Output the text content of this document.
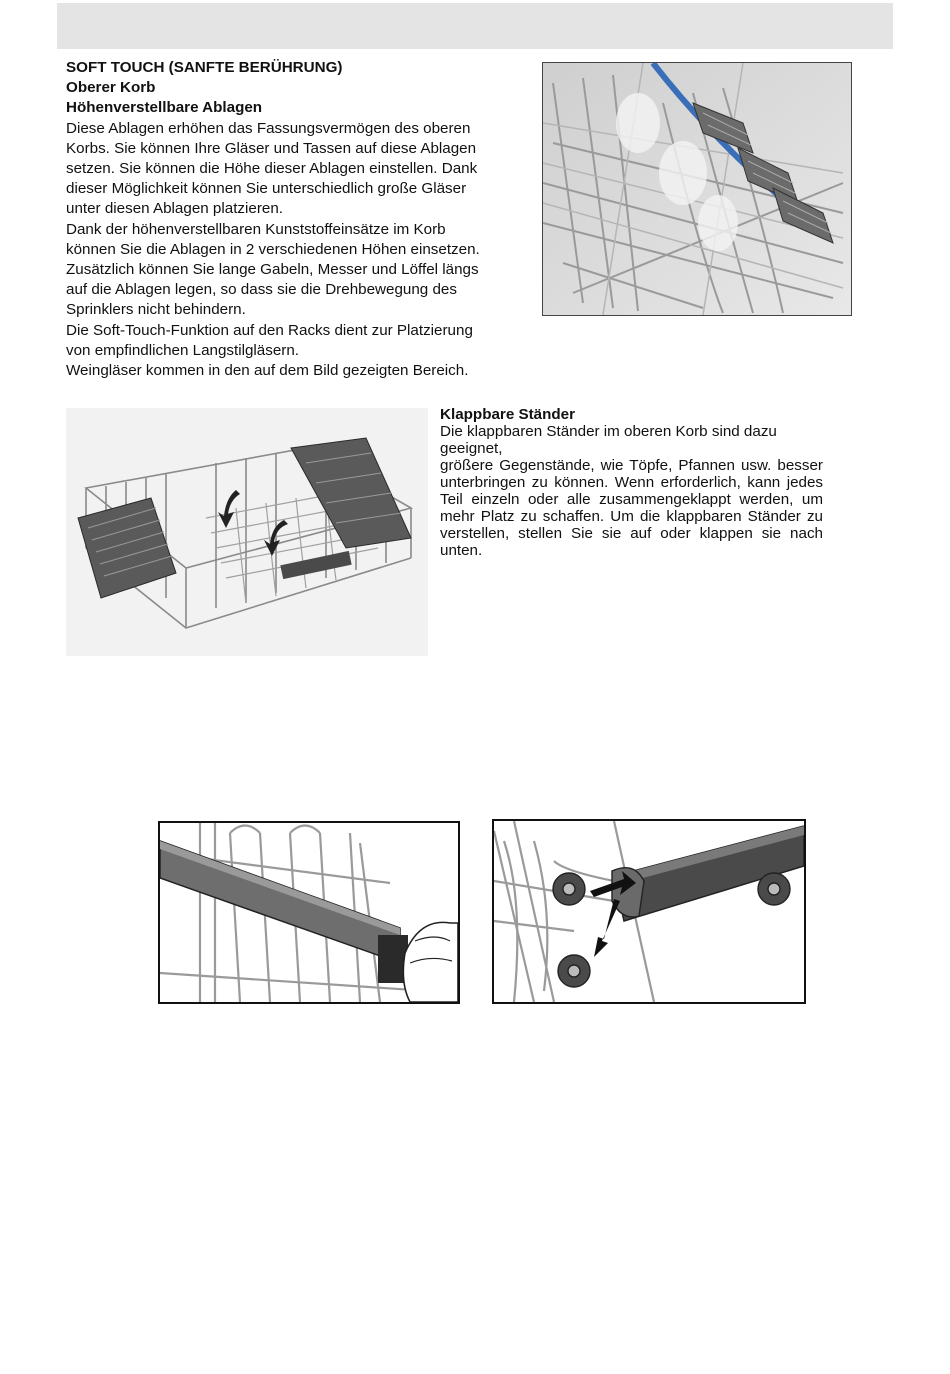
SOFT TOUCH (SANFTE BERÜHRUNG)
Oberer Korb
Höhenverstellbare Ablagen
Diese Ablagen erhöhen das Fassungsvermögen des oberen
Korbs. Sie können Ihre Gläser und Tassen auf diese Ablagen
setzen. Sie können die Höhe dieser Ablagen einstellen. Dank
dieser Möglichkeit können Sie unterschiedlich große Gläser
unter diesen Ablagen platzieren.
Dank der höhenverstellbaren Kunststoffeinsätze im Korb
können Sie die Ablagen in 2 verschiedenen Höhen einsetzen.
Zusätzlich können Sie lange Gabeln, Messer und Löffel längs
auf die Ablagen legen, so dass sie die Drehbewegung des
Sprinklers nicht behindern.
Die Soft-Touch-Funktion auf den Racks dient zur Platzierung
von empfindlichen Langstilgläsern.
Weingläser kommen in den auf dem Bild gezeigten Bereich.
Klappbare Ständer
Die klappbaren Ständer im oberen Korb sind dazu geeignet,
größere Gegenstände, wie Töpfe, Pfannen usw. besser unterbringen zu können. Wenn erforderlich, kann jedes Teil einzeln oder alle zusammengeklappt werden, um mehr Platz zu schaffen. Um die klappbaren Ständer zu verstellen, stellen Sie sie auf oder klappen sie nach unten.
